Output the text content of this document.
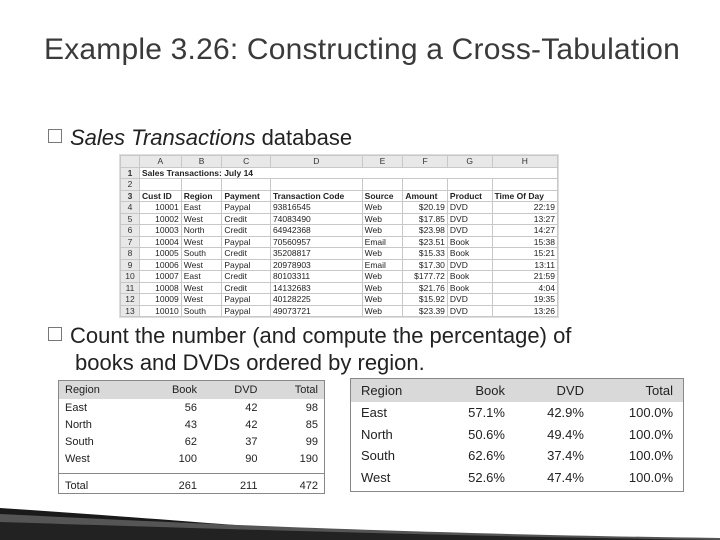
Example 3.26: Constructing a Cross-Tabulation
Sales Transactions database
	A	B	C	D	E	F	G	H
1	Sales Transactions: July 14							
2								
3	Cust ID	Region	Payment	Transaction Code	Source	Amount	Product	Time Of Day
4	10001	East	Paypal	93816545	Web	$20.19	DVD	22:19
5	10002	West	Credit	74083490	Web	$17.85	DVD	13:27
6	10003	North	Credit	64942368	Web	$23.98	DVD	14:27
7	10004	West	Paypal	70560957	Email	$23.51	Book	15:38
8	10005	South	Credit	35208817	Web	$15.33	Book	15:21
9	10006	West	Paypal	20978903	Email	$17.30	DVD	13:11
10	10007	East	Credit	80103311	Web	$177.72	Book	21:59
11	10008	West	Credit	14132683	Web	$21.76	Book	4:04
12	10009	West	Paypal	40128225	Web	$15.92	DVD	19:35
13	10010	South	Paypal	49073721	Web	$23.39	DVD	13:26
Count the number (and compute the percentage) of
books and DVDs ordered by region.
Region	Book	DVD	Total
East	56	42	98
North	43	42	85
South	62	37	99
West	100	90	190

Total	261	211	472
Region	Book	DVD	Total
East	57.1%	42.9%	100.0%
North	50.6%	49.4%	100.0%
South	62.6%	37.4%	100.0%
West	52.6%	47.4%	100.0%
